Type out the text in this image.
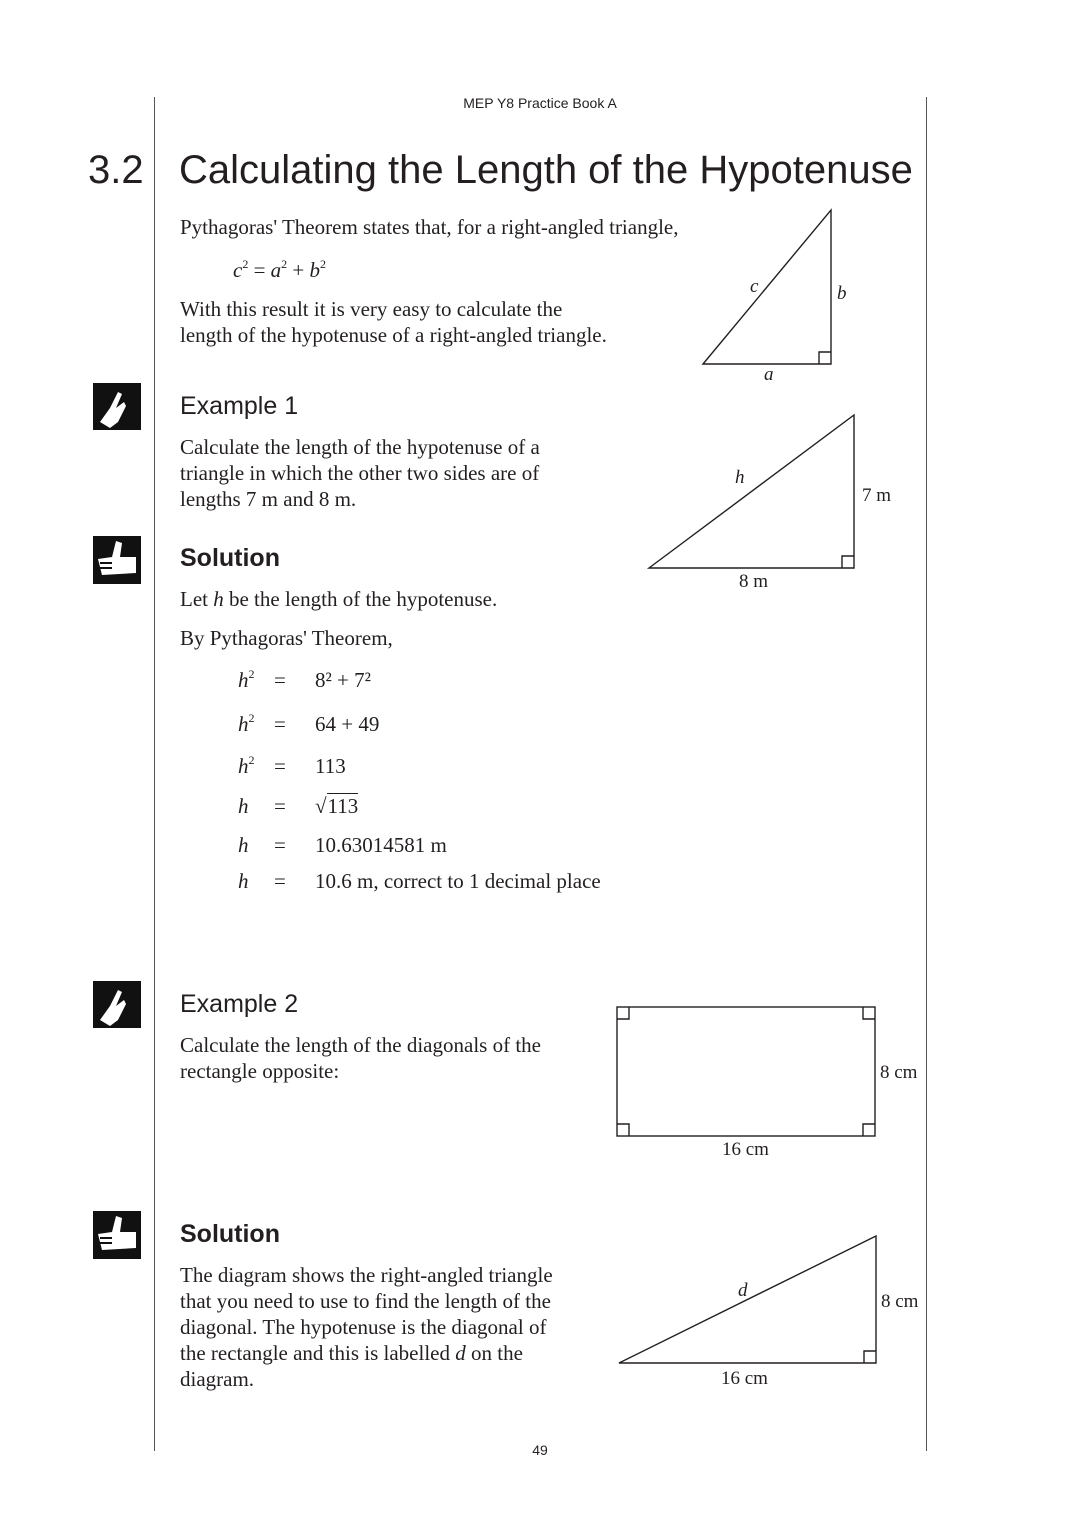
MEP Y8 Practice Book A
3.2 Calculating the Length of the Hypotenuse
Pythagoras' Theorem states that, for a right-angled triangle,
$c^2 = a^2 + b^2$
With this result it is very easy to calculate the
length of the hypotenuse of a right-angled triangle.
Example 1
Calculate the length of the hypotenuse of a
triangle in which the other two sides are of
lengths 7 m and 8 m.
Solution
Let h be the length of the hypotenuse.
By Pythagoras' Theorem,
$h^2 = 8^2 + 7^2$
$h^2 = 64 + 49$
$h^2 = 113$
h = √113
h = 10.63014581 m
h = 10.6 m, correct to 1 decimal place
Example 2
Calculate the length of the diagonals of the
rectangle opposite:
Solution
The diagram shows the right-angled triangle
that you need to use to find the length of the
diagonal. The hypotenuse is the diagonal of
the rectangle and this is labelled d on the
diagram.
c	b
a
h
7 m
8 m
8 cm
16 cm
d
8 cm
16 cm
49
